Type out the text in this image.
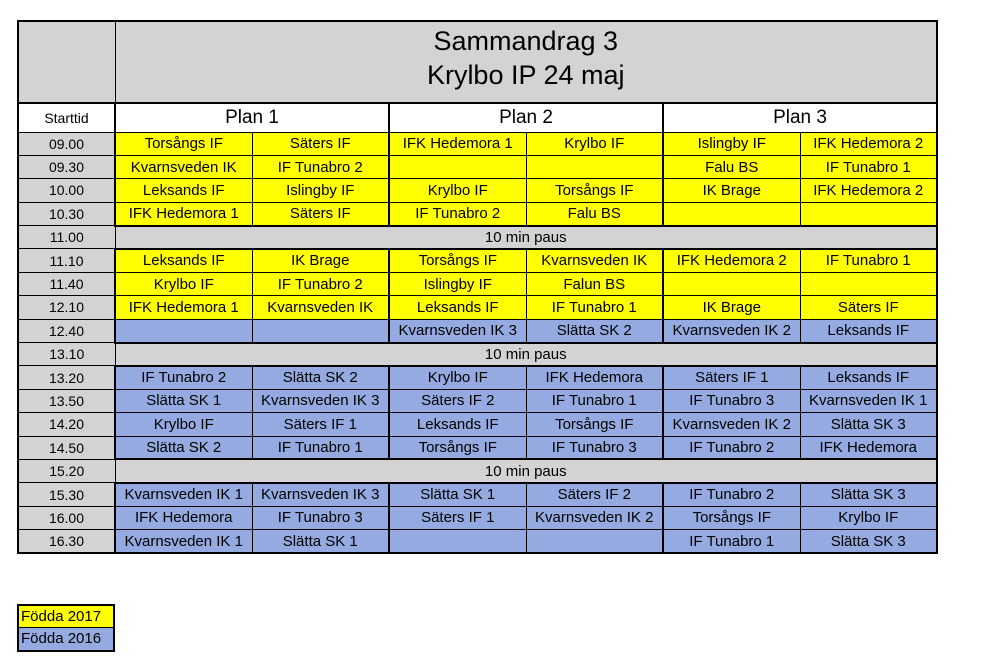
	Sammandrag 3
Krylbo IP 24 maj					

Starttid	Plan 1		Plan 2		Plan 3	
09.00	Torsångs IF	Säters IF	IFK Hedemora 1	Krylbo IF	Islingby IF	IFK Hedemora 2
09.30	Kvarnsveden IK	IF Tunabro 2			Falu BS	IF Tunabro 1
10.00	Leksands IF	Islingby IF	Krylbo IF	Torsångs IF	IK Brage	IFK Hedemora 2
10.30	IFK Hedemora 1	Säters IF	IF Tunabro 2	Falu BS		
11.00	10 min paus					
11.10	Leksands IF	IK Brage	Torsångs IF	Kvarnsveden IK	IFK Hedemora 2	IF Tunabro 1
11.40	Krylbo IF	IF Tunabro 2	Islingby IF	Falun BS		
12.10	IFK Hedemora 1	Kvarnsveden IK	Leksands IF	IF Tunabro 1	IK Brage	Säters IF
12.40			Kvarnsveden IK 3	Slätta SK 2	Kvarnsveden IK 2	Leksands IF
13.10	10 min paus					
13.20	IF Tunabro 2	Slätta SK 2	Krylbo IF	IFK Hedemora	Säters IF 1	Leksands IF
13.50	Slätta SK 1	Kvarnsveden IK 3	Säters IF 2	IF Tunabro 1	IF Tunabro 3	Kvarnsveden IK 1
14.20	Krylbo IF	Säters IF 1	Leksands IF	Torsångs IF	Kvarnsveden IK 2	Slätta SK 3
14.50	Slätta SK 2	IF Tunabro 1	Torsångs IF	IF Tunabro 3	IF Tunabro 2	IFK Hedemora
15.20	10 min paus					
15.30	Kvarnsveden IK 1	Kvarnsveden IK 3	Slätta SK 1	Säters IF 2	IF Tunabro 2	Slätta SK 3
16.00	IFK Hedemora	IF Tunabro 3	Säters IF 1	Kvarnsveden IK 2	Torsångs IF	Krylbo IF
16.30	Kvarnsveden IK 1	Slätta SK 1			IF Tunabro 1	Slätta SK 3
Födda 2017
Födda 2016
